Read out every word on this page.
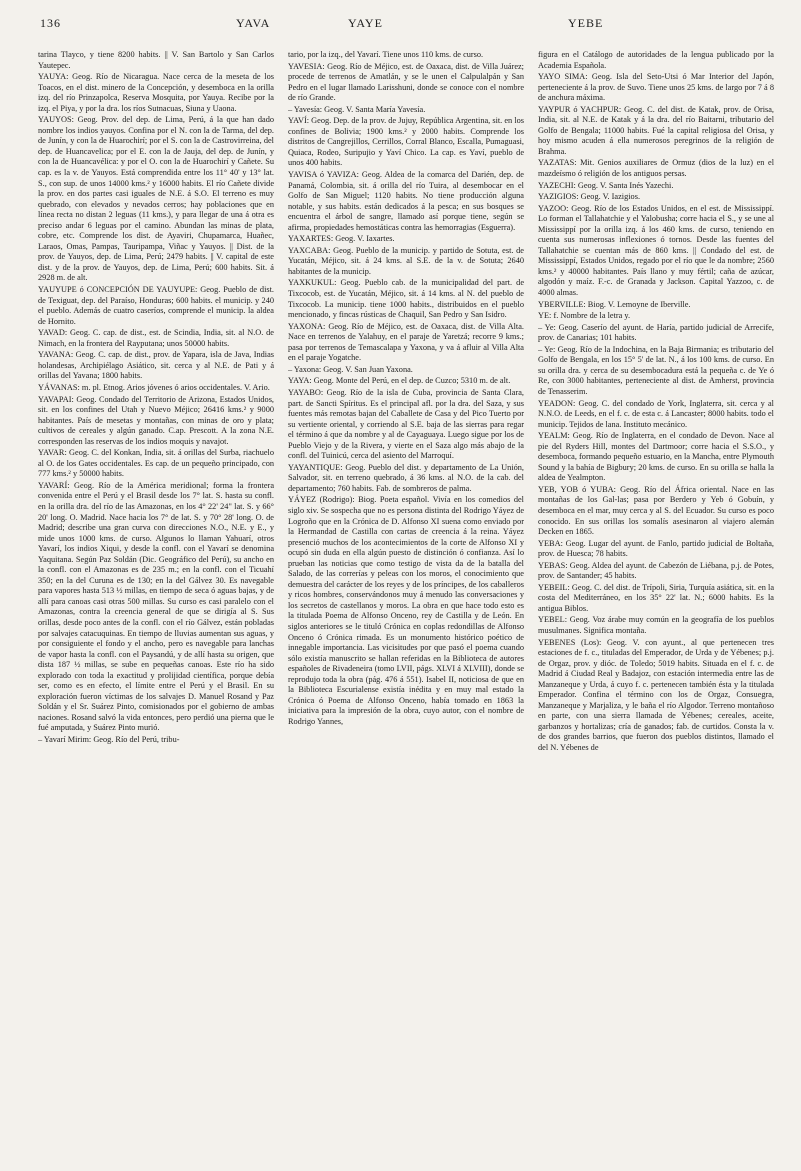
136	YAVA	YAYE	YEBE

tarina Tlayco, y tiene 8200 habits. || V. San Bartolo y San Carlos Yautepec.

YAUYA: Geog. Río de Nicaragua. Nace cerca de la meseta de los Toacos, en el dist. minero de la Concepción, y desemboca en la orilla izq. del río Prinzapolca, Reserva Mosquita, por Yauya. Recibe por la izq. el Piya, y por la dra. los ríos Sutnacuas, Siuna y Uaona.

YAUYOS: Geog. Prov. del dep. de Lima, Perú, á la que han dado nombre los indios yauyos. Confina por el N. con la de Tarma, del dep. de Junín, y con la de Huarochirí; por el S. con la de Castrovirreina, del dep. de Huancavelica; por el E. con la de Jauja, del dep. de Junín, y con la de Huancavélica: y por el O. con la de Huarochirí y Cañete. Su cap. es la v. de Yauyos. Está comprendida entre los 11° 40' y 13° lat. S., con sup. de unos 14000 kms.² y 16000 habits. El río Cañete divide la prov. en dos partes casi iguales de N.E. á S.O. El terreno es muy quebrado, con elevados y nevados cerros; hay poblaciones que en línea recta no distan 2 leguas (11 kms.), y para llegar de una á otra es preciso andar 6 leguas por el camino. Abundan las minas de plata, cobre, etc. Comprende los dist. de Ayaviri, Chupamarca, Huañec, Laraos, Omas, Pampas, Tauripampa, Viñac y Yauyos. || Dist. de la prov. de Yauyos, dep. de Lima, Perú; 2479 habits. || V. capital de este dist. y de la prov. de Yauyos, dep. de Lima, Perú; 600 habits. Sit. á 2928 m. de alt.

YAUYUPE ó CONCEPCIÓN DE YAUYUPE: Geog. Pueblo de dist. de Texiguat, dep. del Paraíso, Honduras; 600 habits. el municip. y 240 el pueblo. Además de cuatro caseríos, comprende el municip. la aldea de Hornito.

YAVAD: Geog. C. cap. de dist., est. de Scindia, India, sit. al N.O. de Nimach, en la frontera del Rayputana; unos 50000 habits.

YAVANA: Geog. C. cap. de dist., prov. de Yapara, isla de Java, Indias holandesas, Archipiélago Asiático, sit. cerca y al N.E. de Pati y á orillas del Yavana; 1800 habits.

YÁVANAS: m. pl. Etnog. Arios jóvenes ó arios occidentales. V. Ario.

YAVAPAI: Geog. Condado del Territorio de Arizona, Estados Unidos, sit. en los confines del Utah y Nuevo Méjico; 26416 kms.² y 9000 habitantes. País de mesetas y montañas, con minas de oro y plata; cultivos de cereales y algún ganado. C.ap. Prescott. A la zona N.E. corresponden las reservas de los indios moquis y navajot.

YAVAR: Geog. C. del Konkan, India, sit. á orillas del Surba, riachuelo al O. de los Gates occidentales. Es cap. de un pequeño principado, con 777 kms.² y 50000 habits.

YAVARÍ: Geog. Río de la América meridional; forma la frontera convenida entre el Perú y el Brasil desde los 7° lat. S. hasta su confl. en la orilla dra. del río de las Amazonas, en los 4° 22' 24" lat. S. y 66° 20' long. O. Madrid. Nace hacia los 7° de lat. S. y 70° 28' long. O. de Madrid; describe una gran curva con direcciones N.O., N.E. y E., y mide unos 1000 kms. de curso. Algunos lo llaman Yahuarí, otros Yavarí, los indios Xiqui, y desde la confl. con el Yavarí se denomina Yaquitana. Según Paz Soldán (Dic. Geográfico del Perú), su ancho en la confl. con el Amazonas es de 235 m.; en la confl. con el Ticuahí 350; en la del Curuna es de 130; en la del Gálvez 30. Es navegable para vapores hasta 513 ½ millas, en tiempo de seca ó aguas bajas, y de allí para canoas casi otras 500 millas. Su curso es casi paralelo con el Amazonas, contra la creencia general de que se dirigía al S. Sus orillas, desde poco antes de la confl. con el río Gálvez, están pobladas por salvajes catacuquinas. En tiempo de lluvias aumentan sus aguas, y por consiguiente el fondo y el ancho, pero es navegable para lanchas de vapor hasta la confl. con el Paysandú, y de allí hasta su origen, que dista 187 ½ millas, se sube en pequeñas canoas. Este río ha sido explorado con toda la exactitud y prolijidad científica, porque debía ser, como es en efecto, el límite entre el Perú y el Brasil. En su exploración fueron víctimas de los salvajes D. Manuel Rosand y Paz Soldán y el Sr. Suárez Pinto, comisionados por el gobierno de ambas naciones. Rosand salvó la vida entonces, pero perdió una pierna que le fué amputada, y Suárez Pinto murió.

– Yavarí Mirim: Geog. Río del Perú, tribu-

tario, por la izq., del Yavarí. Tiene unos 110 kms. de curso.

YAVESIA: Geog. Río de Méjico, est. de Oaxaca, dist. de Villa Juárez; procede de terrenos de Amatlán, y se le unen el Calpulalpán y San Pedro en el lugar llamado Larisshuni, donde se conoce con el nombre de río Grande.

– Yavesía: Geog. V. Santa María Yavesía.

YAVÍ: Geog. Dep. de la prov. de Jujuy, República Argentina, sit. en los confines de Bolivia; 1900 kms.² y 2000 habits. Comprende los distritos de Cangrejillos, Cerrillos, Corral Blanco, Escalla, Pumaguasi, Quiaca, Rodeo, Suripujio y Yaví Chico. La cap. es Yaví, pueblo de unos 400 habits.

YAVISA ó YAVIZA: Geog. Aldea de la comarca del Darién, dep. de Panamá, Colombia, sit. á orilla del río Tuira, al desembocar en el Golfo de San Miguel; 1120 habits. No tiene producción alguna notable, y sus habits. están dedicados á la pesca; en sus bosques se encuentra el árbol de sangre, llamado así porque tiene, según se afirma, propiedades hemostáticas contra las hemorragias (Esguerra).

YAXARTES: Geog. V. Iaxartes.

YAXCABA: Geog. Pueblo de la municip. y partido de Sotuta, est. de Yucatán, Méjico, sit. á 24 kms. al S.E. de la v. de Sotuta; 2640 habitantes de la municip.

YAXKUKUL: Geog. Pueblo cab. de la municipalidad del part. de Tixcocob, est. de Yucatán, Méjico, sit. á 14 kms. al N. del pueblo de Tixcocob. La municip. tiene 1000 habits., distribuidos en el pueblo mencionado, y fincas rústicas de Chaquil, San Pedro y San Isidro.

YAXONA: Geog. Río de Méjico, est. de Oaxaca, dist. de Villa Alta. Nace en terrenos de Yalahuy, en el paraje de Yaretzá; recorre 9 kms.; pasa por terrenos de Temascalapa y Yaxona, y va á afluir al Villa Alta en el paraje Yogatche.

– Yaxona: Geog. V. San Juan Yaxona.

YAYA: Geog. Monte del Perú, en el dep. de Cuzco; 5310 m. de alt.

YAYABO: Geog. Río de la isla de Cuba, provincia de Santa Clara, part. de Sancti Spíritus. Es el principal afl. por la dra. del Saza, y sus fuentes más remotas bajan del Caballete de Casa y del Pico Tuerto por su vertiente oriental, y corriendo al S.E. baja de las sierras para regar el término á que da nombre y al de Cayaguaya. Luego sigue por los de Pueblo Viejo y de la Rivera, y vierte en el Saza algo más abajo de la confl. del Tuinicú, cerca del asiento del Marroquí.

YAYANTIQUE: Geog. Pueblo del dist. y departamento de La Unión, Salvador, sit. en terreno quebrado, á 36 kms. al N.O. de la cab. del departamento; 760 habits. Fab. de sombreros de palma.

YÁYEZ (Rodrigo): Biog. Poeta español. Vivía en los comedios del siglo xiv. Se sospecha que no es persona distinta del Rodrigo Yáyez de Logroño que en la Crónica de D. Alfonso XI suena como enviado por la Hermandad de Castilla con cartas de creencia á la reina. Yáyez presenció muchos de los acontecimientos de la corte de Alfonso XI y ocupó sin duda en ella algún puesto de distinción ó confianza. Así lo prueban las noticias que como testigo de vista da de la batalla del Salado, de las correrías y peleas con los moros, el conocimiento que demuestra del carácter de los reyes y de los príncipes, de los caballeros y ricos hombres, conservándonos muy á menudo las conversaciones y los secretos de castellanos y moros. La obra en que hace todo esto es la titulada Poema de Alfonso Onceno, rey de Castilla y de León. En siglos anteriores se le tituló Crónica en coplas redondillas de Alfonso Onceno ó Crónica rimada. Es un monumento histórico poético de innegable importancia. Las vicisitudes por que pasó el poema cuando sólo existía manuscrito se hallan referidas en la Biblioteca de autores españoles de Rivadeneira (tomo LVII, págs. XLVI á XLVIII), donde se reprodujo toda la obra (pág. 476 á 551). Isabel II, noticiosa de que en la Biblioteca Escurialense existía inédita y en muy mal estado la Crónica ó Poema de Alfonso Onceno, había tomado en 1863 la iniciativa para la impresión de la obra, cuyo autor, con el nombre de Rodrigo Yannes,

figura en el Catálogo de autoridades de la lengua publicado por la Academia Española.

YAYO SIMA: Geog. Isla del Seto-Utsi ó Mar Interior del Japón, perteneciente á la prov. de Suvo. Tiene unos 25 kms. de largo por 7 á 8 de anchura máxima.

YAYPUR ó YACHPUR: Geog. C. del dist. de Katak, prov. de Orisa, India, sit. al N.E. de Katak y á la dra. del río Baitarni, tributario del Golfo de Bengala; 11000 habits. Fué la capital religiosa del Orisa, y hoy mismo acuden á ella numerosos peregrinos de la religión de Brahma.

YAZATAS: Mit. Genios auxiliares de Ormuz (dios de la luz) en el mazdeísmo ó religión de los antiguos persas.

YAZECHI: Geog. V. Santa Inés Yazechi.

YAZIGIOS: Geog. V. Iazigios.

YAZOO: Geog. Río de los Estados Unidos, en el est. de Mississippí. Lo forman el Tallahatchie y el Yalobusha; corre hacia el S., y se une al Mississippí por la orilla izq. á los 460 kms. de curso, teniendo en cuenta sus numerosas inflexiones ó tornos. Desde las fuentes del Tallahatchie se cuentan más de 860 kms. || Condado del est. de Mississippí, Estados Unidos, regado por el río que le da nombre; 2560 kms.² y 40000 habitantes. País llano y muy fértil; caña de azúcar, algodón y maíz. F.-c. de Granada y Jackson. Capital Yazzoo, c. de 4000 almas.

YBERVILLE: Biog. V. Lemoyne de Iberville.

YE: f. Nombre de la letra y.

– Ye: Geog. Caserío del ayunt. de Haría, partido judicial de Arrecife, prov. de Canarias; 101 habits.

– Ye: Geog. Río de la Indochina, en la Baja Birmania; es tributario del Golfo de Bengala, en los 15° 5' de lat. N., á los 100 kms. de curso. En su orilla dra. y cerca de su desembocadura está la pequeña c. de Ye ó Re, con 3000 habitantes, perteneciente al dist. de Amherst, provincia de Tenasserim.

YEADON: Geog. C. del condado de York, Inglaterra, sit. cerca y al N.N.O. de Leeds, en el f. c. de esta c. á Lancaster; 8000 habits. todo el municip. Tejidos de lana. Instituto mecánico.

YEALM: Geog. Río de Inglaterra, en el condado de Devon. Nace al pie del Ryders Hill, montes del Dartmoor; corre hacia el S.S.O., y desemboca, formando pequeño estuario, en la Mancha, entre Plymouth Sound y la bahía de Bigbury; 20 kms. de curso. En su orilla se halla la aldea de Yealmpton.

YEB, YOB ó YUBA: Geog. Río del África oriental. Nace en las montañas de los Gal-las; pasa por Berdero y Yeb ó Gobuín, y desemboca en el mar, muy cerca y al S. del Ecuador. Su curso es poco conocido. En sus orillas los somalís asesinaron al viajero alemán Decken en 1865.

YEBA: Geog. Lugar del ayunt. de Fanlo, partido judicial de Boltaña, prov. de Huesca; 78 habits.

YEBAS: Geog. Aldea del ayunt. de Cabezón de Liébana, p.j. de Potes, prov. de Santander; 45 habits.

YEBEIL: Geog. C. del dist. de Trípoli, Siria, Turquía asiática, sit. en la costa del Mediterráneo, en los 35° 22' lat. N.; 6000 habits. Es la antigua Biblos.

YEBEL: Geog. Voz árabe muy común en la geografía de los pueblos musulmanes. Significa montaña.

YEBENES (Los): Geog. V. con ayunt., al que pertenecen tres estaciones de f. c., tituladas del Emperador, de Urda y de Yébenes; p.j. de Orgaz, prov. y dióc. de Toledo; 5019 habits. Situada en el f. c. de Madrid á Ciudad Real y Badajoz, con estación intermedia entre las de Manzaneque y Urda, á cuyo f. c. pertenecen también ésta y la titulada Emperador. Confina el término con los de Orgaz, Consuegra, Manzaneque y Marjaliza, y le baña el río Algodor. Terreno montañoso en parte, con una sierra llamada de Yébenes; cereales, aceite, garbanzos y hortalizas; cría de ganados; fab. de curtidos. Consta la v. de dos grandes barrios, que fueron dos pueblos distintos, llamado el del N. Yébenes de
